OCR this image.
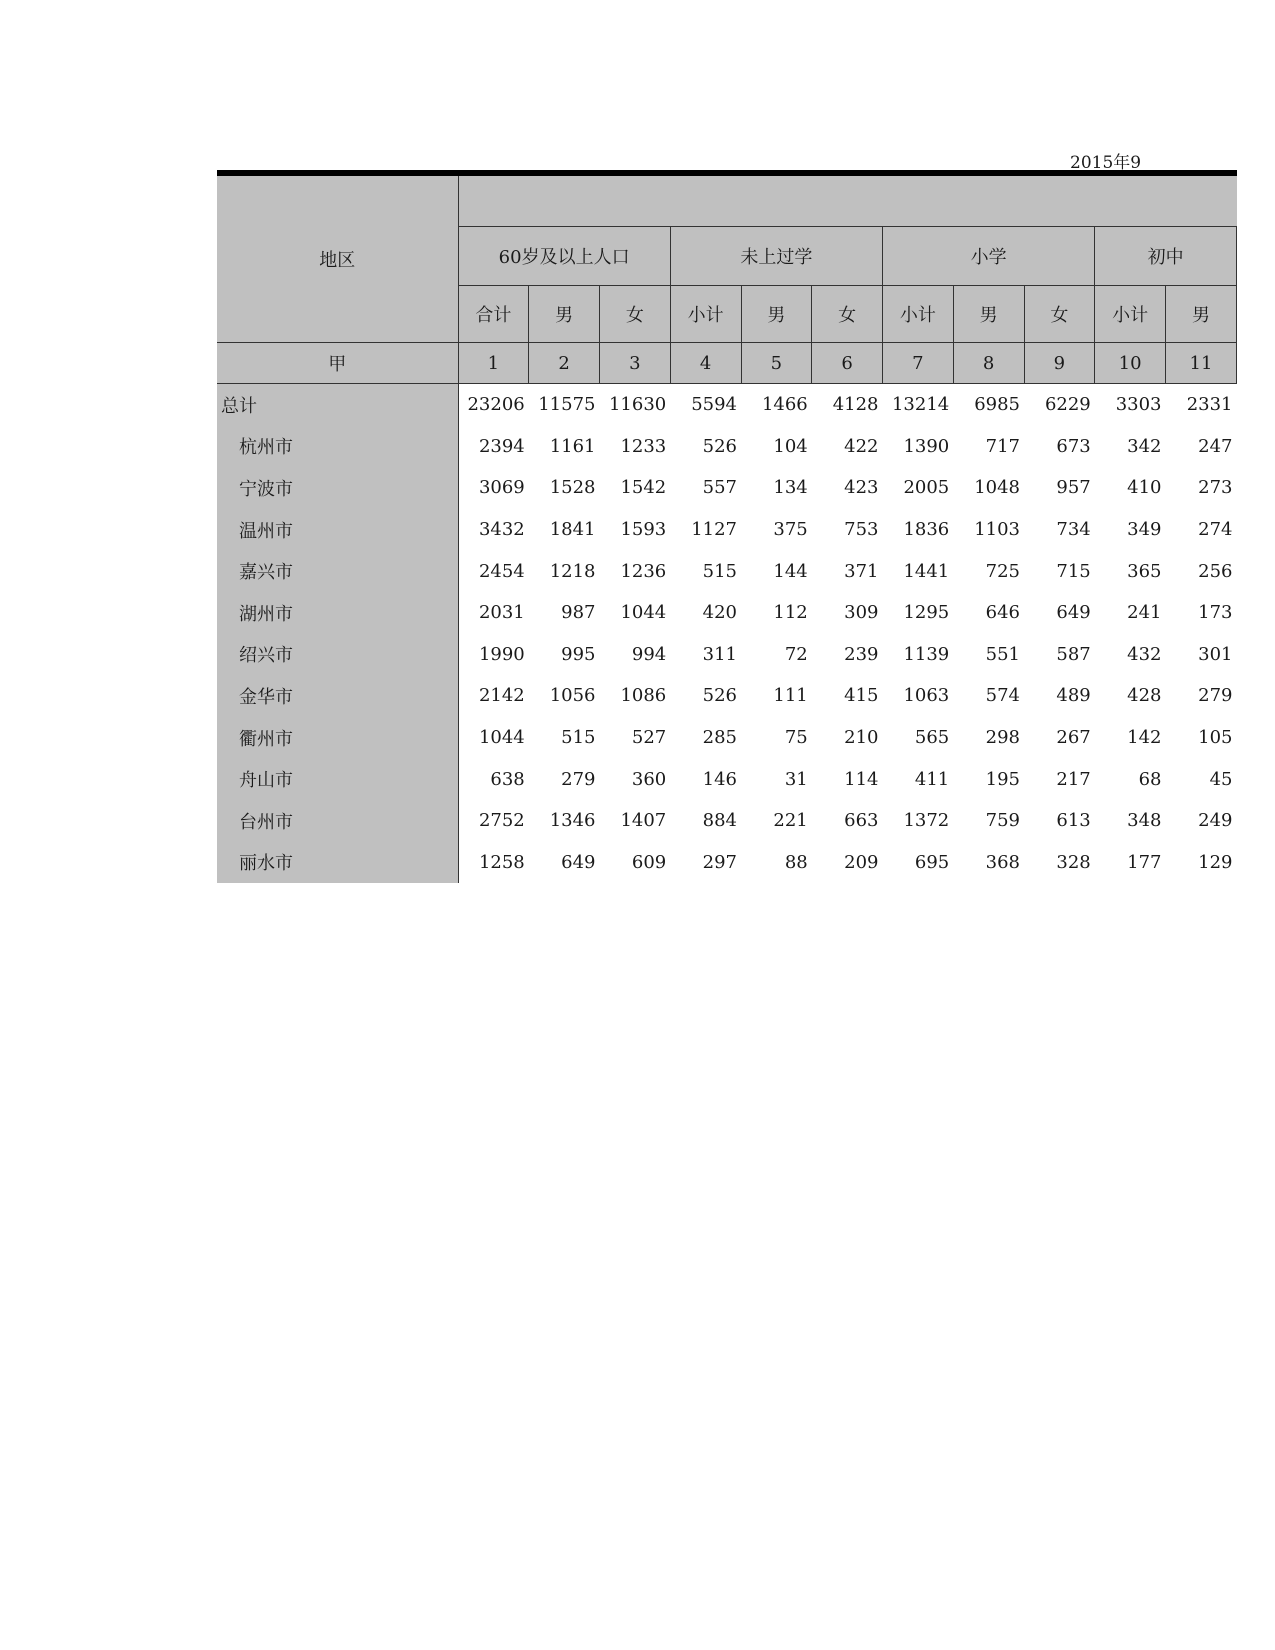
2015年9
地区											
	60岁及以上人口			未上过学			小学			初中	
	合计	男	女	小计	男	女	小计	男	女	小计	男
甲	1	2	3	4	5	6	7	8	9	10	11
总计	23206	11575	11630	5594	1466	4128	13214	6985	6229	3303	2331
杭州市	2394	1161	1233	526	104	422	1390	717	673	342	247
宁波市	3069	1528	1542	557	134	423	2005	1048	957	410	273
温州市	3432	1841	1593	1127	375	753	1836	1103	734	349	274
嘉兴市	2454	1218	1236	515	144	371	1441	725	715	365	256
湖州市	2031	987	1044	420	112	309	1295	646	649	241	173
绍兴市	1990	995	994	311	72	239	1139	551	587	432	301
金华市	2142	1056	1086	526	111	415	1063	574	489	428	279
衢州市	1044	515	527	285	75	210	565	298	267	142	105
舟山市	638	279	360	146	31	114	411	195	217	68	45
台州市	2752	1346	1407	884	221	663	1372	759	613	348	249
丽水市	1258	649	609	297	88	209	695	368	328	177	129
